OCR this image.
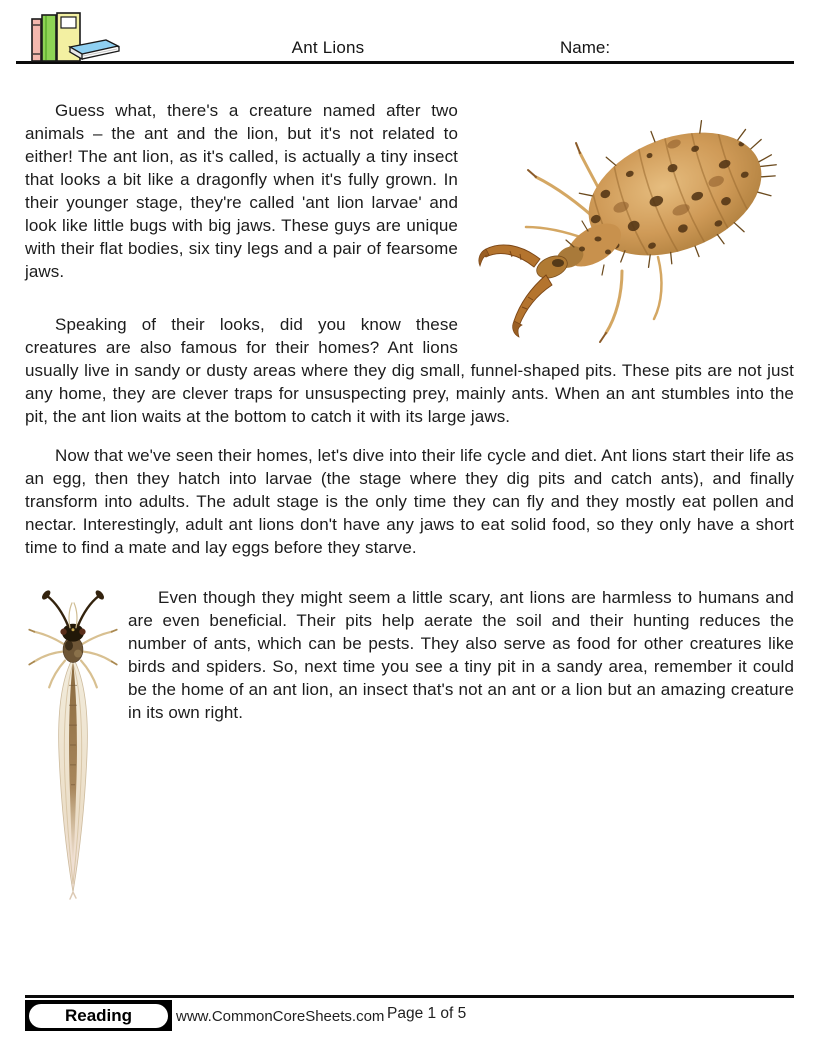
Ant Lions	Name:

Guess what, there's a creature named after two animals – the ant and the lion, but it's not related to either! The ant lion, as it's called, is actually a tiny insect that looks a bit like a dragonfly when it's fully grown. In their younger stage, they're called 'ant lion larvae' and look like little bugs with big jaws. These guys are unique with their flat bodies, six tiny legs and a pair of fearsome jaws.

Speaking of their looks, did you know these creatures are also famous for their homes? Ant lions usually live in sandy or dusty areas where they dig small, funnel-shaped pits. These pits are not just any home, they are clever traps for unsuspecting prey, mainly ants. When an ant stumbles into the pit, the ant lion waits at the bottom to catch it with its large jaws.

Now that we've seen their homes, let's dive into their life cycle and diet. Ant lions start their life as an egg, then they hatch into larvae (the stage where they dig pits and catch ants), and finally transform into adults. The adult stage is the only time they can fly and they mostly eat pollen and nectar. Interestingly, adult ant lions don't have any jaws to eat solid food, so they only have a short time to find a mate and lay eggs before they starve.

Even though they might seem a little scary, ant lions are harmless to humans and are even beneficial. Their pits help aerate the soil and their hunting reduces the number of ants, which can be pests. They also serve as food for other creatures like birds and spiders. So, next time you see a tiny pit in a sandy area, remember it could be the home of an ant lion, an insect that's not an ant or a lion but an amazing creature in its own right.

Reading	www.CommonCoreSheets.com Page 1 of 5
